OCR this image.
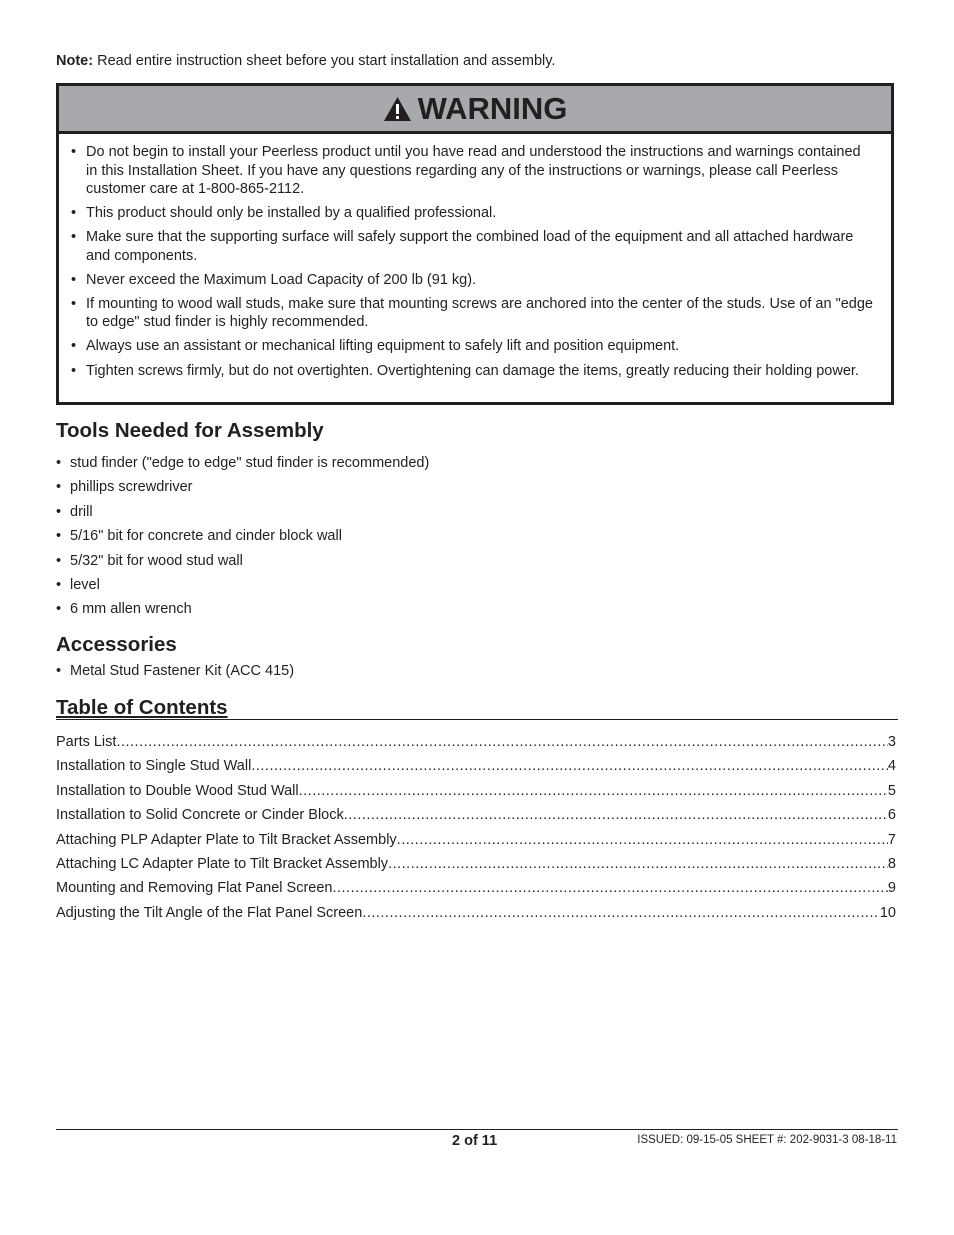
Note: Read entire instruction sheet before you start installation and assembly.
WARNING
• Do not begin to install your Peerless product until you have read and understood the instructions and warnings contained in this Installation Sheet. If you have any questions regarding any of the instructions or warnings, please call Peerless customer care at 1-800-865-2112.
• This product should only be installed by a qualified professional.
• Make sure that the supporting surface will safely support the combined load of the equipment and all attached hardware and components.
• Never exceed the Maximum Load Capacity of 200 lb (91 kg).
• If mounting to wood wall studs, make sure that mounting screws are anchored into the center of the studs. Use of an "edge to edge" stud finder is highly recommended.
• Always use an assistant or mechanical lifting equipment to safely lift and position equipment.
• Tighten screws firmly, but do not overtighten. Overtightening can damage the items, greatly reducing their holding power.
Tools Needed for Assembly
• stud finder ("edge to edge" stud finder is recommended)
• phillips screwdriver
• drill
• 5/16" bit for concrete and cinder block wall
• 5/32" bit for wood stud wall
• level
• 6 mm allen wrench
Accessories
• Metal Stud Fastener Kit (ACC 415)
Table of Contents
Parts List .....	3
Installation to Single Stud Wall .....	4
Installation to Double Wood Stud Wall .....	5
Installation to Solid Concrete or Cinder Block .....	6
Attaching PLP Adapter Plate to Tilt Bracket Assembly .....	7
Attaching LC Adapter Plate to Tilt Bracket Assembly .....	8
Mounting and Removing Flat Panel Screen .....	9
Adjusting the Tilt Angle of the Flat Panel Screen .....	10
2 of 11	ISSUED: 09-15-05 SHEET #: 202-9031-3 08-18-11
